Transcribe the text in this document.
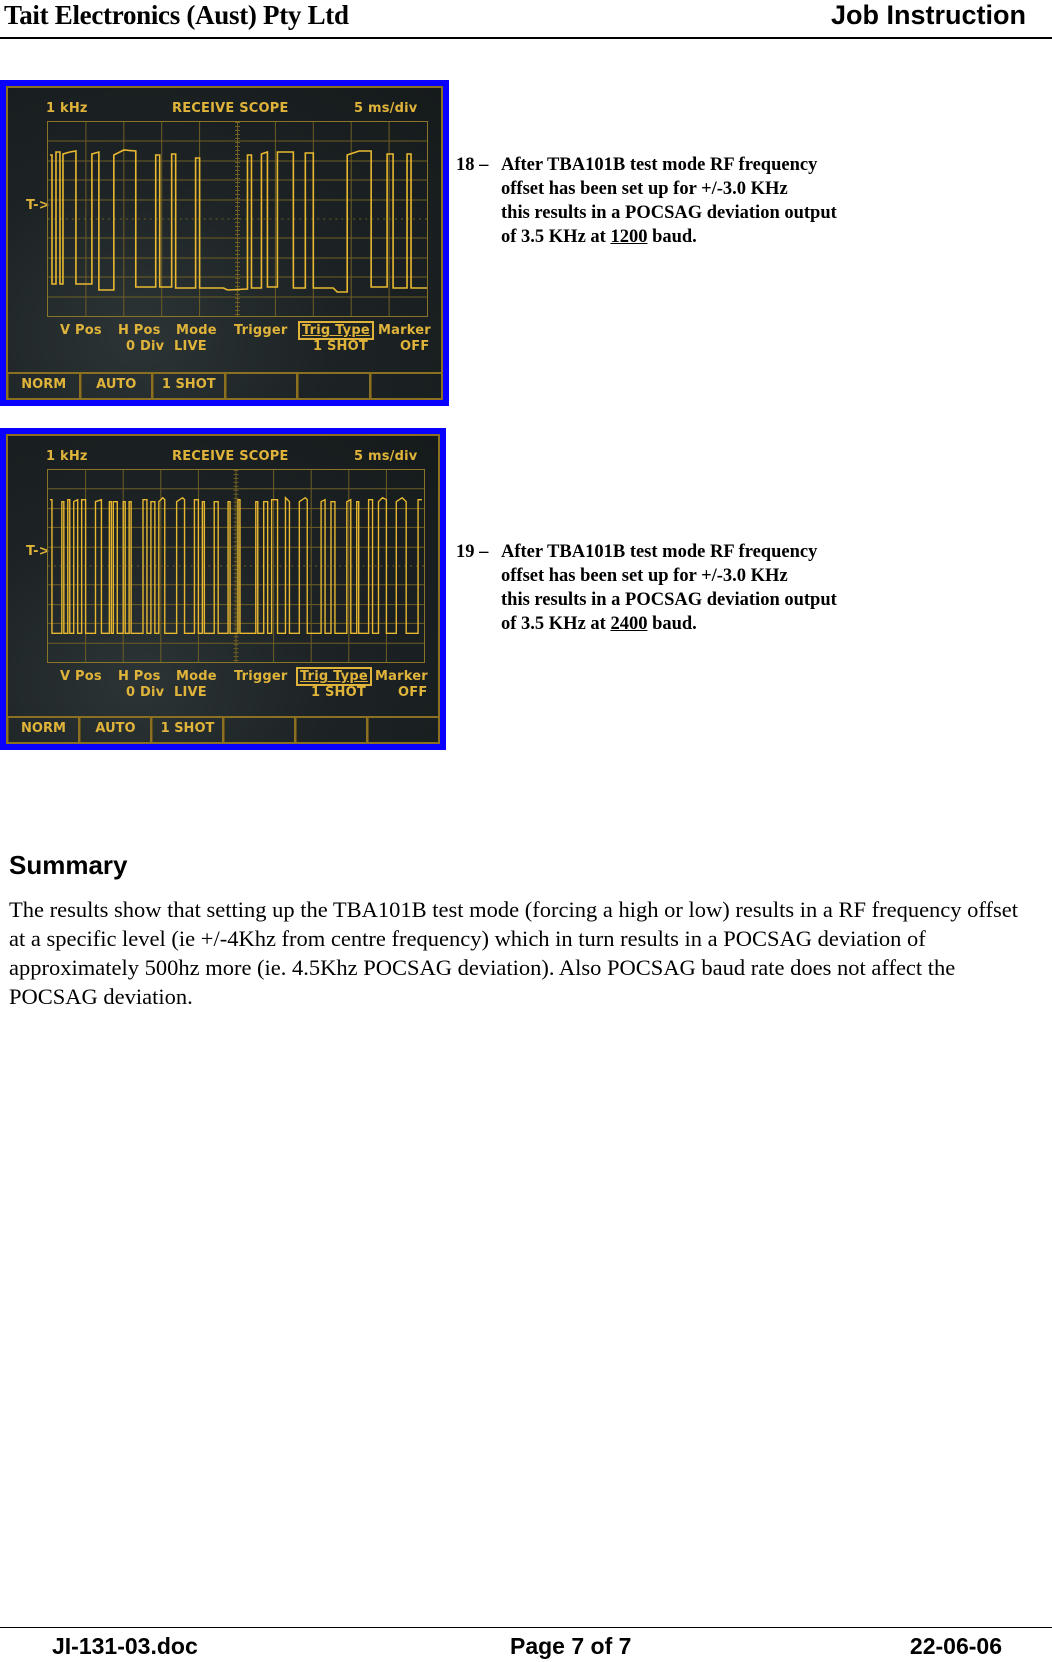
Tait Electronics (Aust) Pty Ltd	Job Instruction
1 kHz	RECEIVE SCOPE	5 ms/div
T->
V Pos H Pos Mode Trigger	Trig Type Marker
0 Div LIVE	1 SHOT OFF
NORM	AUTO	1 SHOT
18 – After TBA101B test mode RF frequency
offset has been set up for +/-3.0 KHz
this results in a POCSAG deviation output
of 3.5 KHz at 1200 baud.
1 kHz	RECEIVE SCOPE	5 ms/div
T->
V Pos H Pos Mode Trigger Trig Type Marker
0 Div LIVE	1 SHOT OFF
NORM	AUTO	1 SHOT
19 – After TBA101B test mode RF frequency
offset has been set up for +/-3.0 KHz
this results in a POCSAG deviation output
of 3.5 KHz at 2400 baud.
Summary
The results show that setting up the TBA101B test mode (forcing a high or low) results in a RF frequency offset at a specific level (ie +/-4Khz from centre frequency) which in turn results in a POCSAG deviation of approximately 500hz more (ie. 4.5Khz POCSAG deviation). Also POCSAG baud rate does not affect the POCSAG deviation.
JI-131-03.doc	Page 7 of 7	22-06-06
